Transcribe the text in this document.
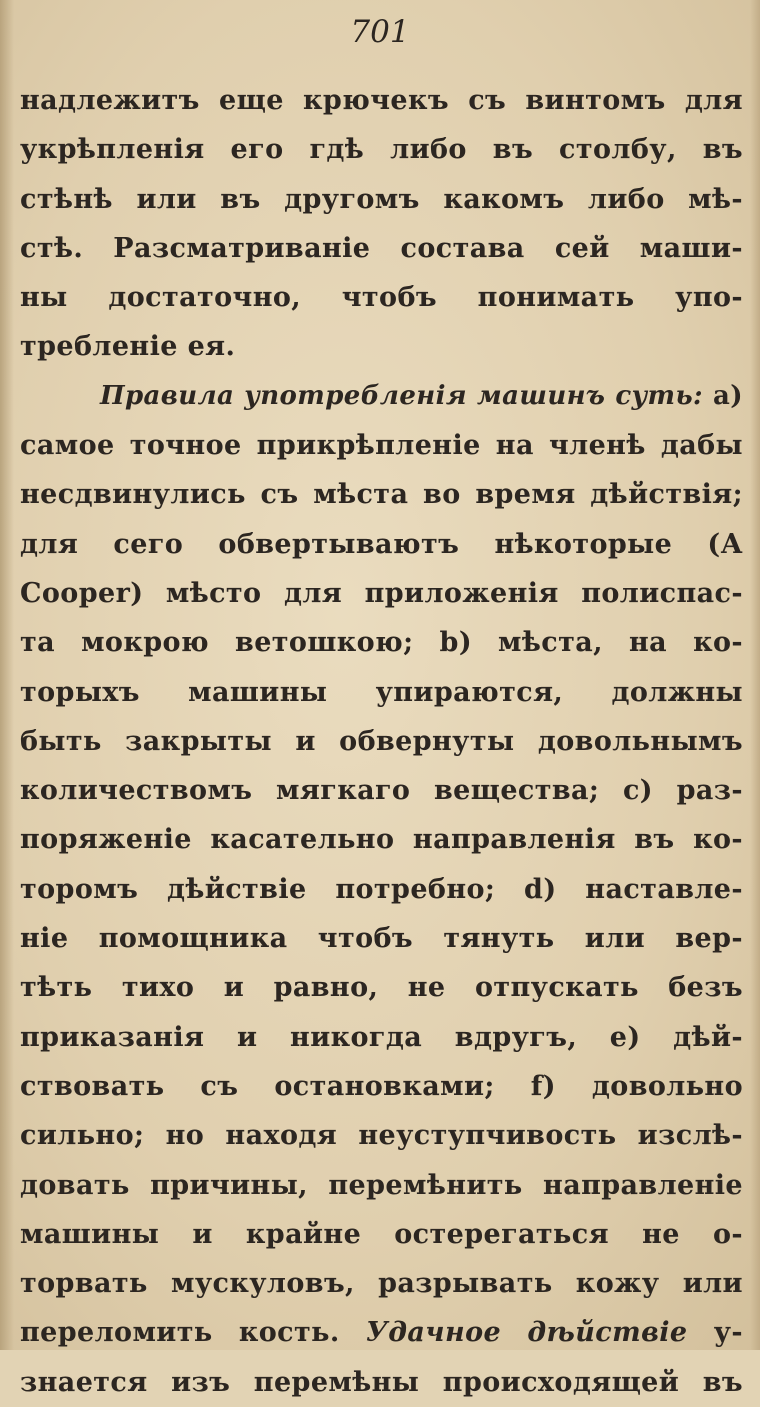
701
надлежитъ еще крючекъ съ винтомъ для
укрѣпленія его гдѣ либо въ столбу, въ
стѣнѣ или въ другомъ какомъ либо мѣ-
стѣ. Разсматриваніе состава сей маши-
ны достаточно, чтобъ понимать упо-
требленіе ея.
Правила употребленія машинъ суть: а)
самое точное прикрѣпленіе на членѣ дабы
несдвинулись съ мѣста во время дѣйствія;
для сего обвертываютъ нѣкоторые (А
Cooper) мѣсто для приложенія полиспас-
та мокрою ветошкою; b) мѣста, на ко-
торыхъ машины упираются, должны
быть закрыты и обвернуты довольнымъ
количествомъ мягкаго вещества; с) раз-
поряженіе касательно направленія въ ко-
торомъ дѣйствіе потребно; d) наставле-
ніе помощника чтобъ тянуть или вер-
тѣть тихо и равно, не отпускать безъ
приказанія и никогда вдругъ, е) дѣй-
ствовать съ остановками; f) довольно
сильно; но находя неуступчивость изслѣ-
довать причины, перемѣнить направленіе
машины и крайне остерегаться не о-
торвать мускуловъ, разрывать кожу или
переломить кость. Удачное дѣйствіе у-
знается изъ перемѣны происходящей въ
